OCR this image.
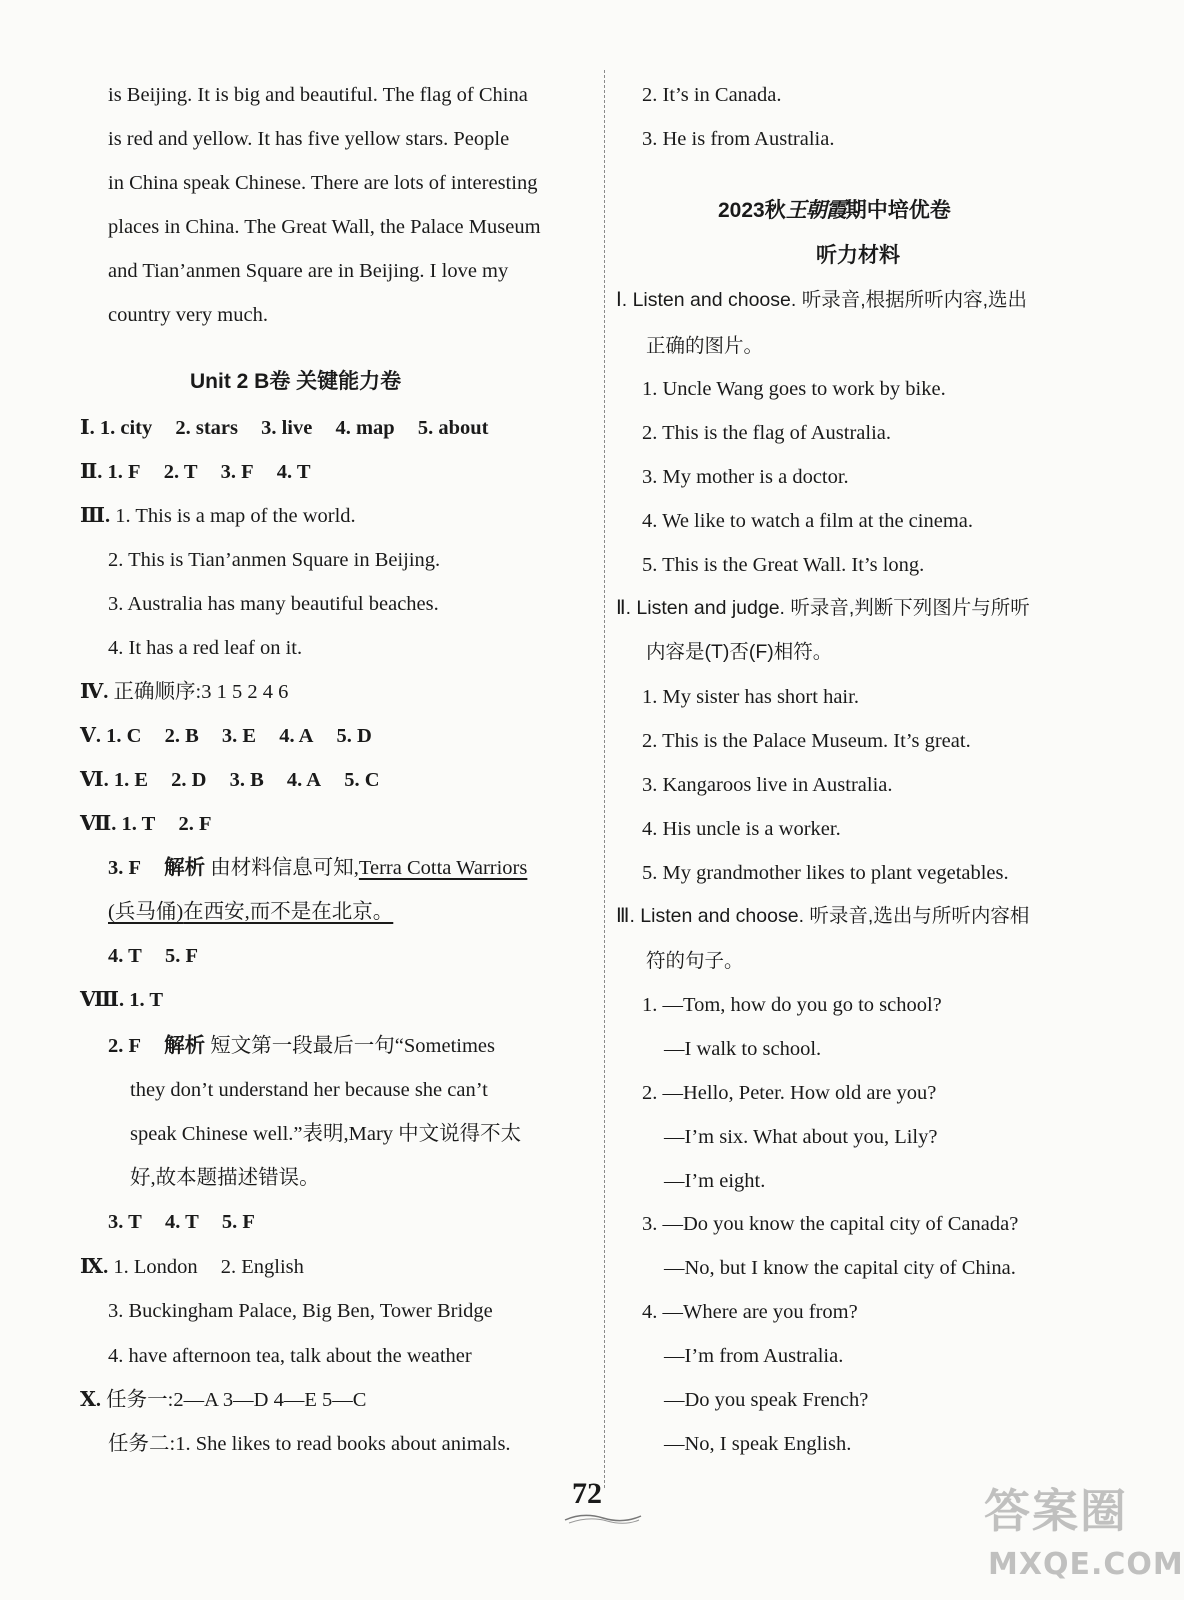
is Beijing. It is big and beautiful. The flag of China
is red and yellow. It has five yellow stars. People
in China speak Chinese. There are lots of interesting
places in China. The Great Wall, the Palace Museum
and Tian’anmen Square are in Beijing. I love my
country very much.
Unit 2 B卷 关键能力卷
Ⅰ. 1. city 2. stars 3. live 4. map 5. about
Ⅱ. 1. F 2. T 3. F 4. T
Ⅲ. 1. This is a map of the world.
2. This is Tian’anmen Square in Beijing.
3. Australia has many beautiful beaches.
4. It has a red leaf on it.
Ⅳ. 正确顺序:3 1 5 2 4 6
Ⅴ. 1. C 2. B 3. E 4. A 5. D
Ⅵ. 1. E 2. D 3. B 4. A 5. C
Ⅶ. 1. T 2. F
3. F 解析 由材料信息可知,Terra Cotta Warriors
(兵马俑)在西安,而不是在北京。
4. T 5. F
Ⅷ. 1. T
2. F 解析 短文第一段最后一句“Sometimes
they don’t understand her because she can’t
speak Chinese well.”表明,Mary 中文说得不太
好,故本题描述错误。
3. T 4. T 5. F
Ⅸ. 1. London 2. English
3. Buckingham Palace, Big Ben, Tower Bridge
4. have afternoon tea, talk about the weather
Ⅹ. 任务一:2—A 3—D 4—E 5—C
任务二:1. She likes to read books about animals.
2. It’s in Canada.
3. He is from Australia.
2023秋王朝霞期中培优卷
听力材料
Ⅰ. Listen and choose. 听录音,根据所听内容,选出
正确的图片。
1. Uncle Wang goes to work by bike.
2. This is the flag of Australia.
3. My mother is a doctor.
4. We like to watch a film at the cinema.
5. This is the Great Wall. It’s long.
Ⅱ. Listen and judge. 听录音,判断下列图片与所听
内容是(T)否(F)相符。
1. My sister has short hair.
2. This is the Palace Museum. It’s great.
3. Kangaroos live in Australia.
4. His uncle is a worker.
5. My grandmother likes to plant vegetables.
Ⅲ. Listen and choose. 听录音,选出与所听内容相
符的句子。
1. —Tom, how do you go to school?
—I walk to school.
2. —Hello, Peter. How old are you?
—I’m six. What about you, Lily?
—I’m eight.
3. —Do you know the capital city of Canada?
—No, but I know the capital city of China.
4. —Where are you from?
—I’m from Australia.
—Do you speak French?
—No, I speak English.
72	答案圈
MXQE.COM
